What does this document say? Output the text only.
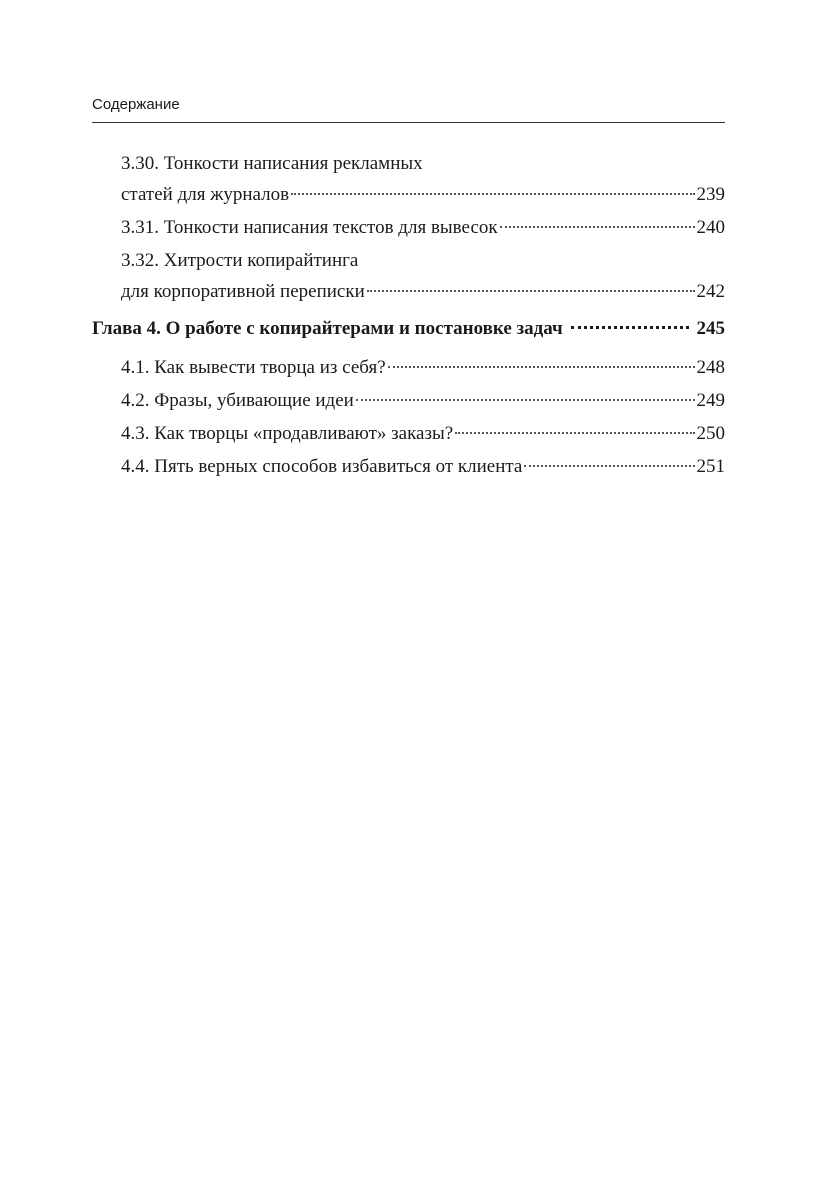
Содержание
3.30. Тонкости написания рекламных
статей для журналов	239
3.31. Тонкости написания текстов для вывесок	240
3.32. Хитрости копирайтинга
для корпоративной переписки	242
Глава 4. О работе с копирайтерами и постановке задач	245
4.1. Как вывести творца из себя?	248
4.2. Фразы, убивающие идеи	249
4.3. Как творцы «продавливают» заказы?	250
4.4. Пять верных способов избавиться от клиента	251
